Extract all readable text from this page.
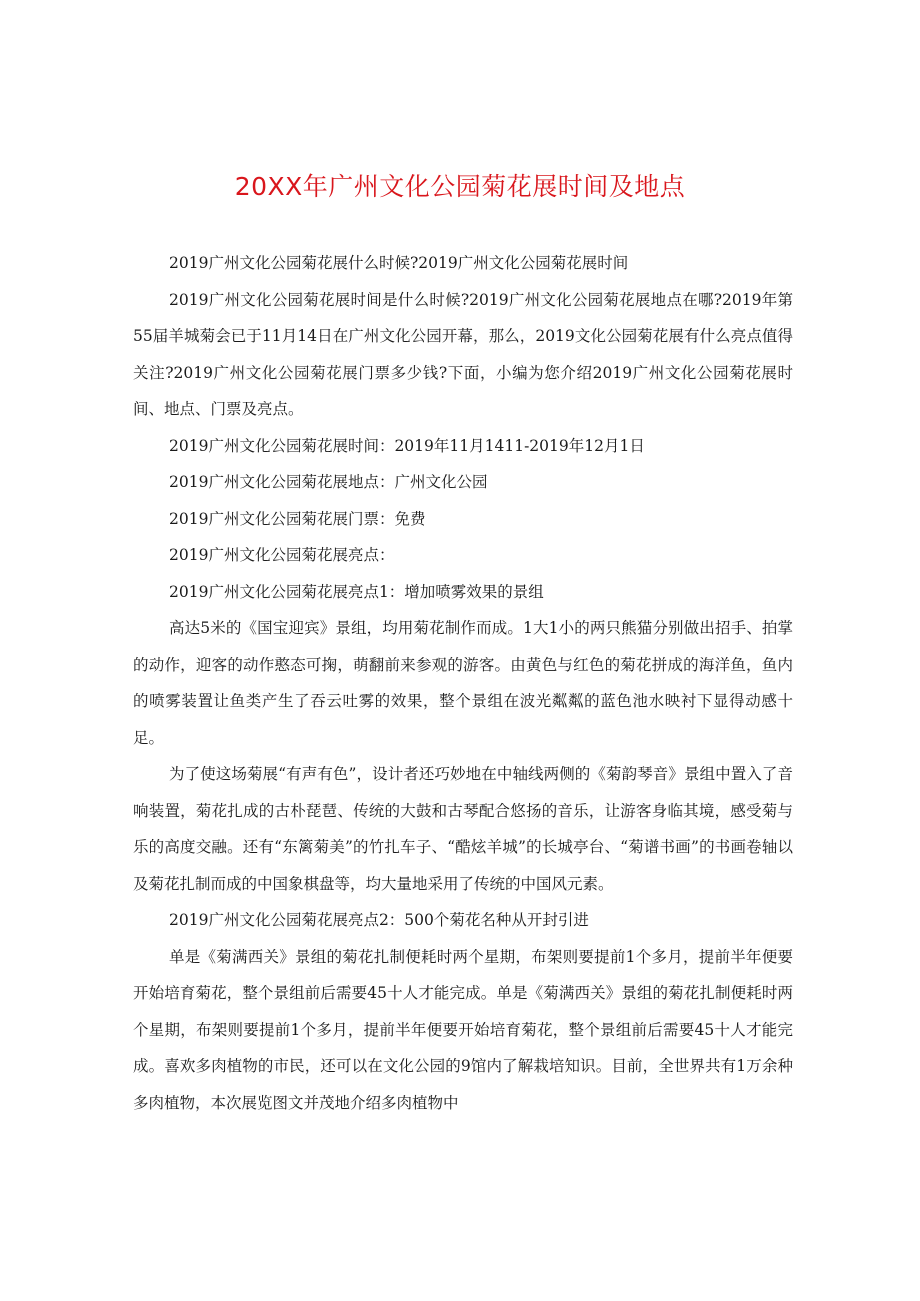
20XX年广州文化公园菊花展时间及地点

2019广州文化公园菊花展什么时候?2019广州文化公园菊花展时间

2019广州文化公园菊花展时间是什么时候?2019广州文化公园菊花展地点在哪?2019年第55届羊城菊会已于11月14日在广州文化公园开幕，那么，2019文化公园菊花展有什么亮点值得关注?2019广州文化公园菊花展门票多少钱?下面，小编为您介绍2019广州文化公园菊花展时间、地点、门票及亮点。

2019广州文化公园菊花展时间：2019年11月1411-2019年12月1日

2019广州文化公园菊花展地点：广州文化公园

2019广州文化公园菊花展门票：免费

2019广州文化公园菊花展亮点：

2019广州文化公园菊花展亮点1：增加喷雾效果的景组

高达5米的《国宝迎宾》景组，均用菊花制作而成。1大1小的两只熊猫分别做出招手、拍掌的动作，迎客的动作憨态可掬，萌翻前来参观的游客。由黄色与红色的菊花拼成的海洋鱼，鱼内的喷雾装置让鱼类产生了吞云吐雾的效果，整个景组在波光粼粼的蓝色池水映衬下显得动感十足。

为了使这场菊展“有声有色”，设计者还巧妙地在中轴线两侧的《菊韵琴音》景组中置入了音响装置，菊花扎成的古朴琵琶、传统的大鼓和古琴配合悠扬的音乐，让游客身临其境，感受菊与乐的高度交融。还有“东篱菊美”的竹扎车子、“酷炫羊城”的长城亭台、“菊谱书画”的书画卷轴以及菊花扎制而成的中国象棋盘等，均大量地采用了传统的中国风元素。

2019广州文化公园菊花展亮点2：500个菊花名种从开封引进

单是《菊满西关》景组的菊花扎制便耗时两个星期，布架则要提前1个多月，提前半年便要开始培育菊花，整个景组前后需要45十人才能完成。单是《菊满西关》景组的菊花扎制便耗时两个星期，布架则要提前1个多月，提前半年便要开始培育菊花，整个景组前后需要45十人才能完成。喜欢多肉植物的市民，还可以在文化公园的9馆内了解栽培知识。目前，全世界共有1万余种多肉植物，本次展览图文并茂地介绍多肉植物中
